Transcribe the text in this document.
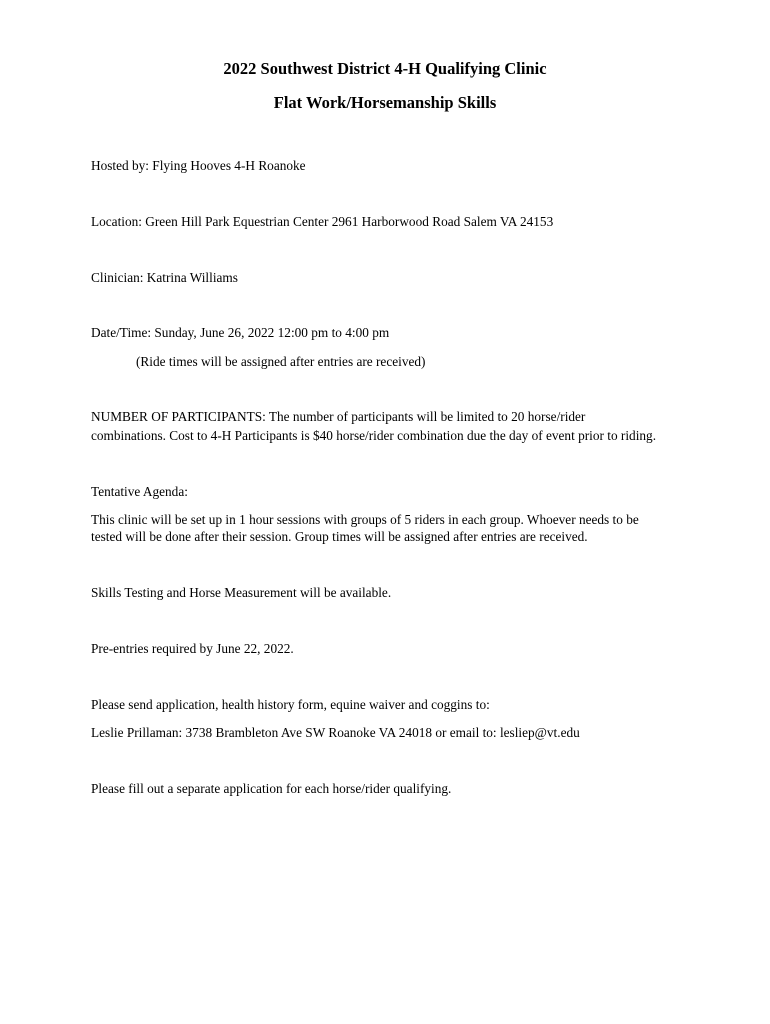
2022 Southwest District 4-H Qualifying Clinic
Flat Work/Horsemanship Skills
Hosted by: Flying Hooves 4-H Roanoke
Location: Green Hill Park Equestrian Center 2961 Harborwood Road Salem VA 24153
Clinician: Katrina Williams
Date/Time: Sunday, June 26, 2022 12:00 pm to 4:00 pm
(Ride times will be assigned after entries are received)
NUMBER OF PARTICIPANTS: The number of participants will be limited to 20 horse/rider
combinations. Cost to 4-H Participants is $40 horse/rider combination due the day of event prior to riding.
Tentative Agenda:
This clinic will be set up in 1 hour sessions with groups of 5 riders in each group. Whoever needs to be
tested will be done after their session. Group times will be assigned after entries are received.
Skills Testing and Horse Measurement will be available.
Pre-entries required by June 22, 2022.
Please send application, health history form, equine waiver and coggins to:
Leslie Prillaman: 3738 Brambleton Ave SW Roanoke VA 24018 or email to: lesliep@vt.edu
Please fill out a separate application for each horse/rider qualifying.
